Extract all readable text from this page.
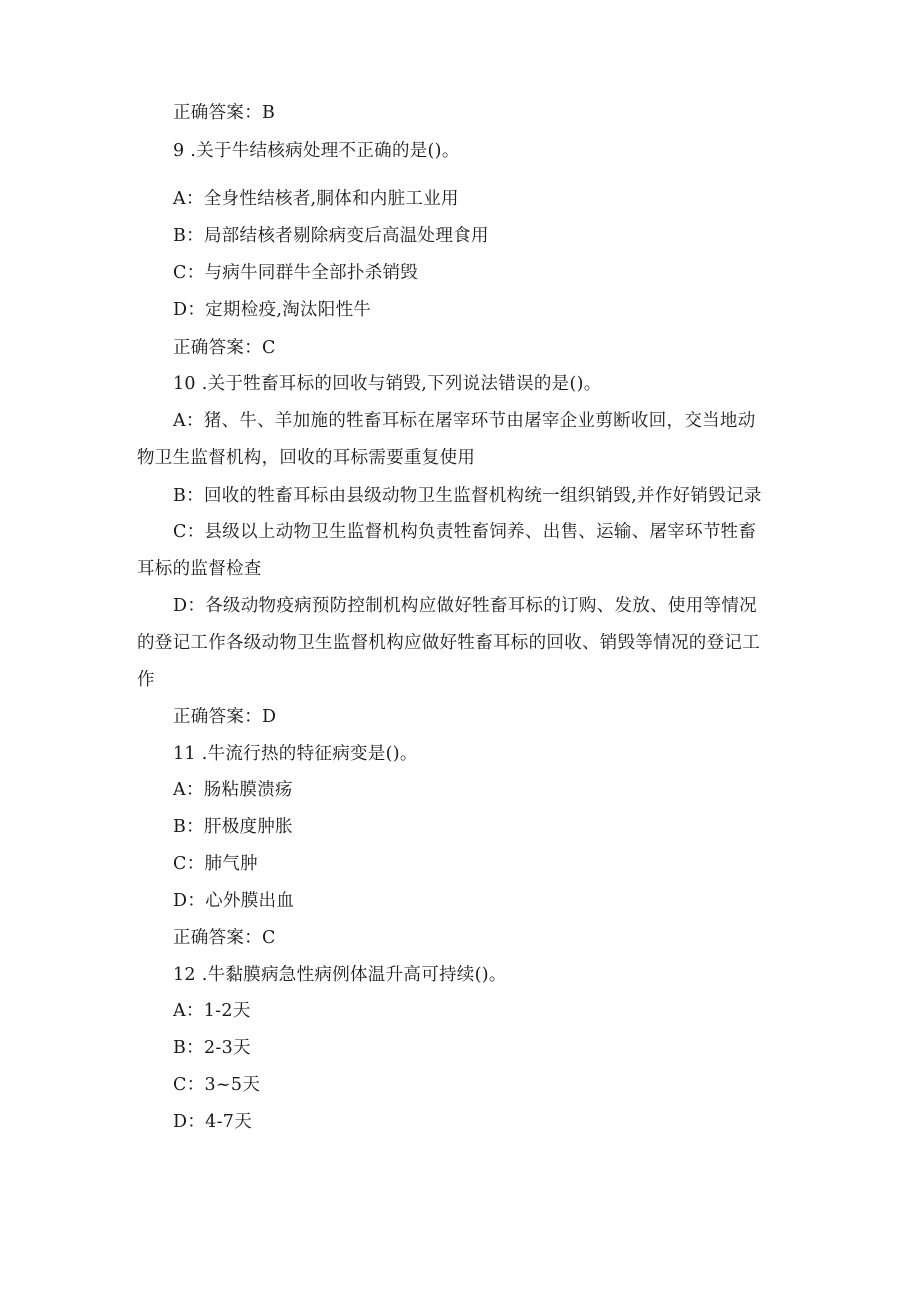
正确答案：B
9 .关于牛结核病处理不正确的是()。
A：全身性结核者,胴体和内脏工业用
B：局部结核者剔除病变后高温处理食用
C：与病牛同群牛全部扑杀销毁
D：定期检疫,淘汰阳性牛
正确答案：C
10 .关于牲畜耳标的回收与销毁,下列说法错误的是()。
A：猪、牛、羊加施的牲畜耳标在屠宰环节由屠宰企业剪断收回，交当地动
物卫生监督机构，回收的耳标需要重复使用
B：回收的牲畜耳标由县级动物卫生监督机构统一组织销毁,并作好销毁记录
C：县级以上动物卫生监督机构负责牲畜饲养、出售、运输、屠宰环节牲畜
耳标的监督检查
D：各级动物疫病预防控制机构应做好牲畜耳标的订购、发放、使用等情况
的登记工作各级动物卫生监督机构应做好牲畜耳标的回收、销毁等情况的登记工
作
正确答案：D
11 .牛流行热的特征病变是()。
A：肠粘膜溃疡
B：肝极度肿胀
C：肺气肿
D：心外膜出血
正确答案：C
12 .牛黏膜病急性病例体温升高可持续()。
A：1-2天
B：2-3天
C：3~5天
D：4-7天
